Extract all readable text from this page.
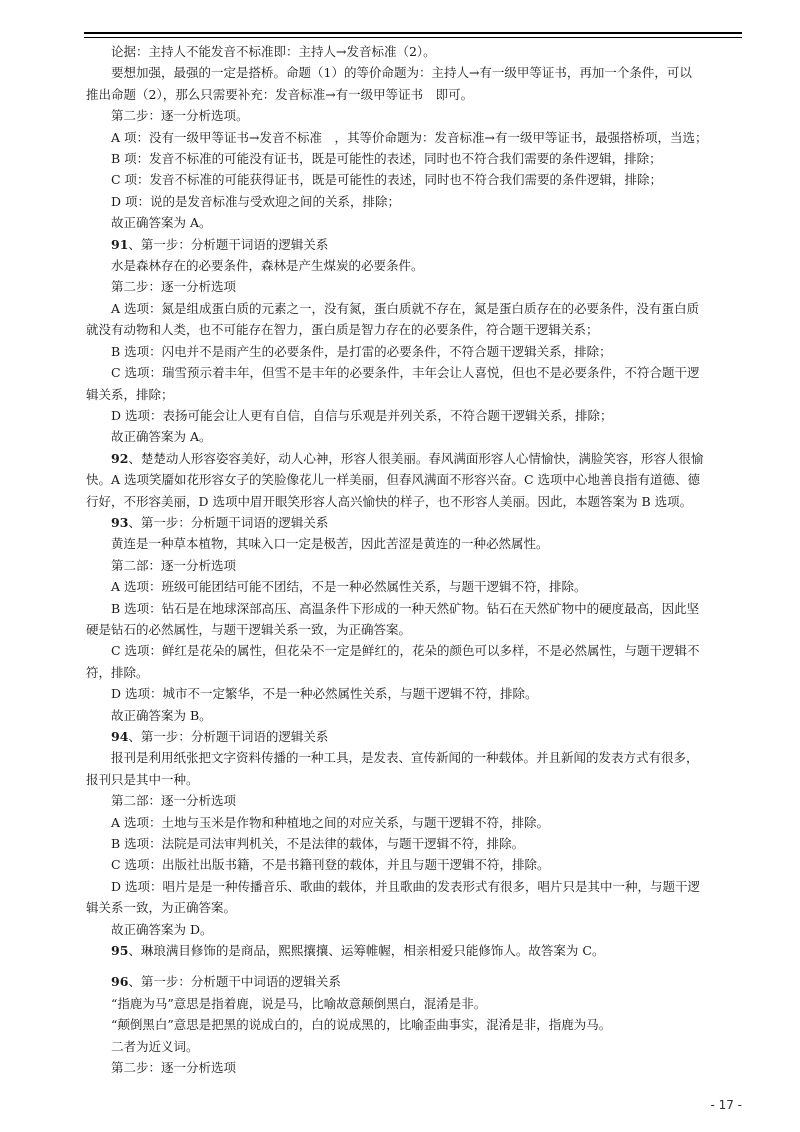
论据：主持人不能发音不标准即：主持人→发音标准（2）。

要想加强，最强的一定是搭桥。命题（1）的等价命题为：主持人→有一级甲等证书，再加一个条件，可以

推出命题（2），那么只需要补充：发音标准→有一级甲等证书　即可。

第二步：逐一分析选项。

A 项：没有一级甲等证书→发音不标准　，其等价命题为：发音标准→有一级甲等证书，最强搭桥项，当选；

B 项：发音不标准的可能没有证书，既是可能性的表述，同时也不符合我们需要的条件逻辑，排除；

C 项：发音不标准的可能获得证书，既是可能性的表述，同时也不符合我们需要的条件逻辑，排除；

D 项：说的是发音标准与受欢迎之间的关系，排除；

故正确答案为 A。

91、第一步：分析题干词语的逻辑关系

水是森林存在的必要条件，森林是产生煤炭的必要条件。

第二步：逐一分析选项

A 选项：氮是组成蛋白质的元素之一，没有氮，蛋白质就不存在，氮是蛋白质存在的必要条件，没有蛋白质

就没有动物和人类，也不可能存在智力，蛋白质是智力存在的必要条件，符合题干逻辑关系；

B 选项：闪电并不是雨产生的必要条件，是打雷的必要条件，不符合题干逻辑关系，排除；

C 选项：瑞雪预示着丰年，但雪不是丰年的必要条件，丰年会让人喜悦，但也不是必要条件，不符合题干逻

辑关系，排除；

D 选项：表扬可能会让人更有自信，自信与乐观是并列关系，不符合题干逻辑关系，排除；

故正确答案为 A。

92、楚楚动人形容姿容美好，动人心神，形容人很美丽。春风满面形容人心情愉快，满脸笑容，形容人很愉

快。A 选项笑靥如花形容女子的笑脸像花儿一样美丽，但春风满面不形容兴奋。C 选项中心地善良指有道德、德

行好，不形容美丽，D 选项中眉开眼笑形容人高兴愉快的样子，也不形容人美丽。因此，本题答案为 B 选项。

93、第一步：分析题干词语的逻辑关系

黄连是一种草本植物，其味入口一定是极苦，因此苦涩是黄连的一种必然属性。

第二部：逐一分析选项

A 选项：班级可能团结可能不团结，不是一种必然属性关系，与题干逻辑不符，排除。

B 选项：钻石是在地球深部高压、高温条件下形成的一种天然矿物。钻石在天然矿物中的硬度最高，因此坚

硬是钻石的必然属性，与题干逻辑关系一致，为正确答案。

C 选项：鲜红是花朵的属性，但花朵不一定是鲜红的，花朵的颜色可以多样，不是必然属性，与题干逻辑不

符，排除。

D 选项：城市不一定繁华，不是一种必然属性关系，与题干逻辑不符，排除。

故正确答案为 B。

94、第一步：分析题干词语的逻辑关系

报刊是利用纸张把文字资料传播的一种工具，是发表、宣传新闻的一种载体。并且新闻的发表方式有很多，

报刊只是其中一种。

第二部：逐一分析选项

A 选项：土地与玉米是作物和种植地之间的对应关系，与题干逻辑不符，排除。

B 选项：法院是司法审判机关，不是法律的载体，与题干逻辑不符，排除。

C 选项：出版社出版书籍，不是书籍刊登的载体，并且与题干逻辑不符，排除。

D 选项：唱片是是一种传播音乐、歌曲的载体，并且歌曲的发表形式有很多，唱片只是其中一种，与题干逻

辑关系一致，为正确答案。

故正确答案为 D。

95、琳琅满目修饰的是商品，熙熙攘攘、运筹帷幄，相亲相爱只能修饰人。故答案为 C。

96、第一步：分析题干中词语的逻辑关系

“指鹿为马”意思是指着鹿，说是马，比喻故意颠倒黑白，混淆是非。

“颠倒黑白”意思是把黑的说成白的，白的说成黑的，比喻歪曲事实，混淆是非，指鹿为马。

二者为近义词。

第二步：逐一分析选项

- 17 -
